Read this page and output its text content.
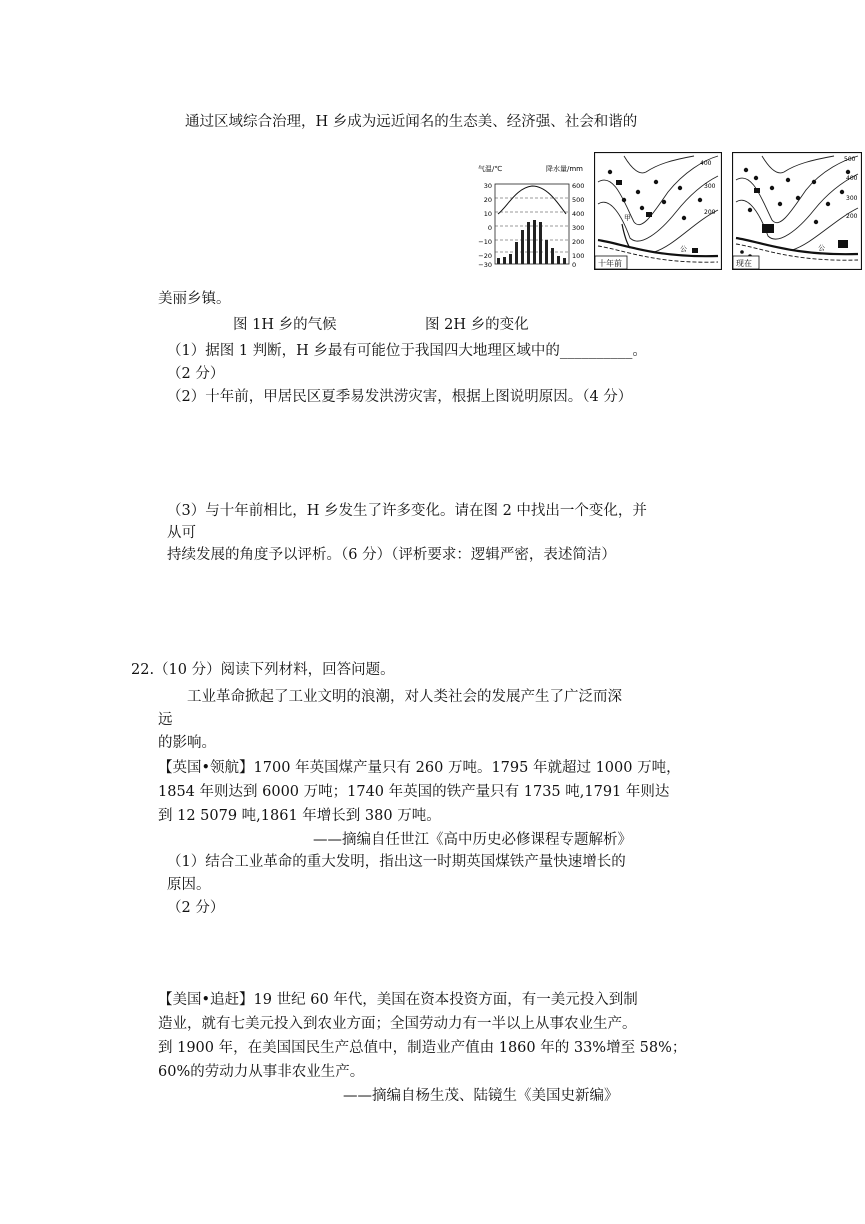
通过区域综合治理，H 乡成为远近闻名的生态美、经济强、社会和谐的
气温/℃	降水量/mm
30
20
10
0
−10
−20
−30
600
500
400
300
200
100
0
甲
公
400
300
200
十年前
公
500
400
300
200
现在
美丽乡镇。
图 1H 乡的气候	图 2H 乡的变化
（1）据图 1 判断，H 乡最有可能位于我国四大地理区域中的__________。
（2 分）
（2）十年前，甲居民区夏季易发洪涝灾害，根据上图说明原因。（4 分）
（3）与十年前相比，H 乡发生了许多变化。请在图 2 中找出一个变化，并
从可
持续发展的角度予以评析。（6 分）（评析要求：逻辑严密，表述简洁）
22.（10 分）阅读下列材料，回答问题。
工业革命掀起了工业文明的浪潮，对人类社会的发展产生了广泛而深
远
的影响。
【英国•领航】1700 年英国煤产量只有 260 万吨。1795 年就超过 1000 万吨，
1854 年则达到 6000 万吨；1740 年英国的铁产量只有 1735 吨,1791 年则达
到 12 5079 吨,1861 年增长到 380 万吨。
——摘编自任世江《高中历史必修课程专题解析》
（1）结合工业革命的重大发明，指出这一时期英国煤铁产量快速增长的
原因。
（2 分）
【美国•追赶】19 世纪 60 年代，美国在资本投资方面，有一美元投入到制
造业，就有七美元投入到农业方面；全国劳动力有一半以上从事农业生产。
到 1900 年，在美国国民生产总值中，制造业产值由 1860 年的 33%增至 58%；
60%的劳动力从事非农业生产。
——摘编自杨生茂、陆镜生《美国史新编》
